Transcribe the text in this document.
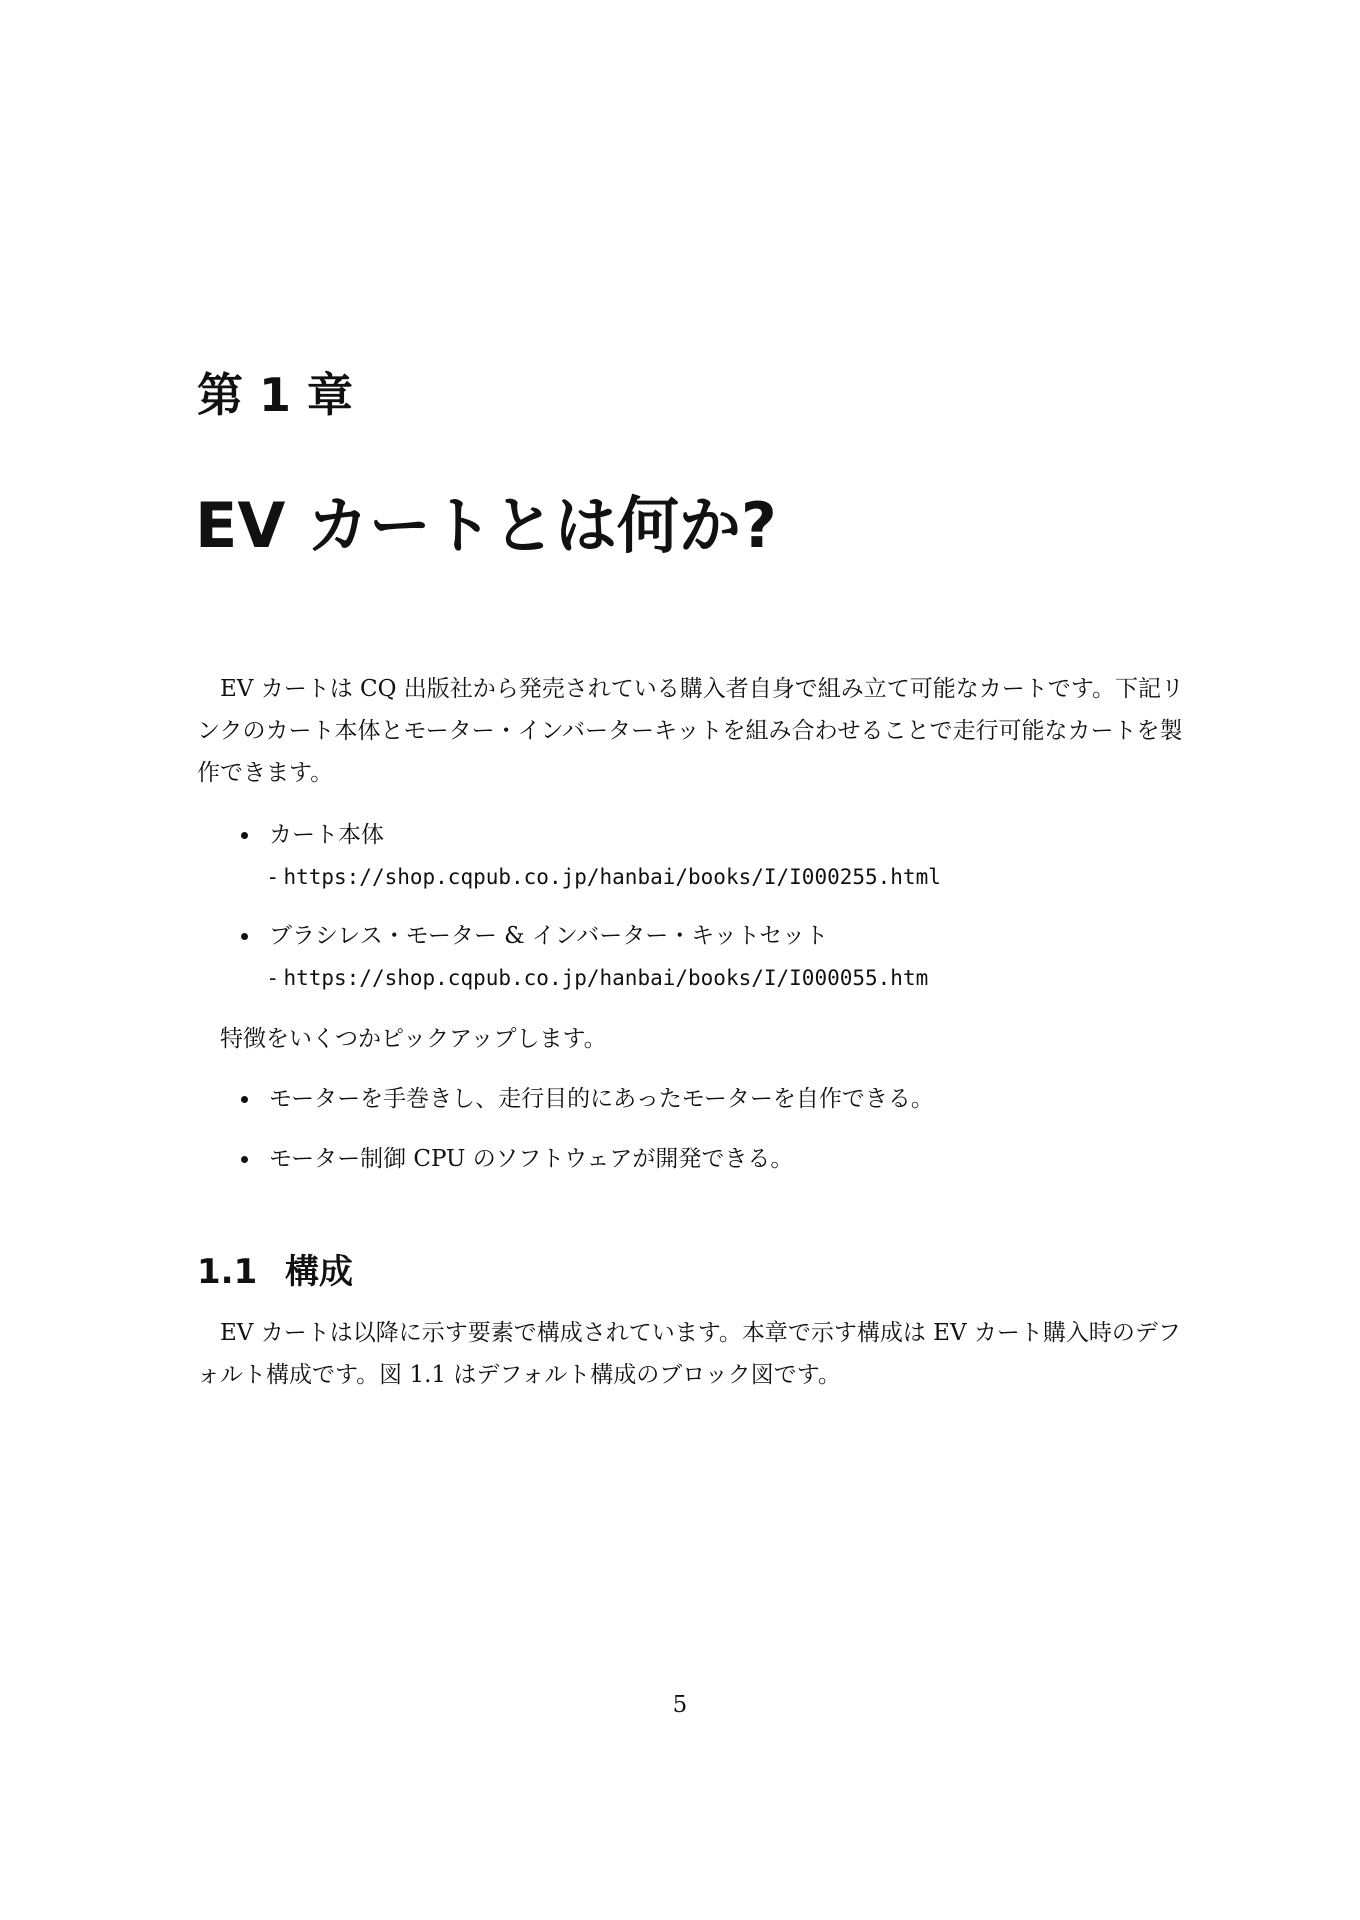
第 1 章
EV カートとは何か?

EV カートは CQ 出版社から発売されている購入者自身で組み立て可能なカートです。下記リンクのカート本体とモーター・インバーターキットを組み合わせることで走行可能なカートを製作できます。

カート本体
- https://shop.cqpub.co.jp/hanbai/books/I/I000255.html
ブラシレス・モーター & インバーター・キットセット
- https://shop.cqpub.co.jp/hanbai/books/I/I000055.htm

特徴をいくつかピックアップします。

モーターを手巻きし、走行目的にあったモーターを自作できる。
モーター制御 CPU のソフトウェアが開発できる。
1.1 構成

EV カートは以降に示す要素で構成されています。本章で示す構成は EV カート購入時のデフォルト構成です。図 1.1 はデフォルト構成のブロック図です。

5
